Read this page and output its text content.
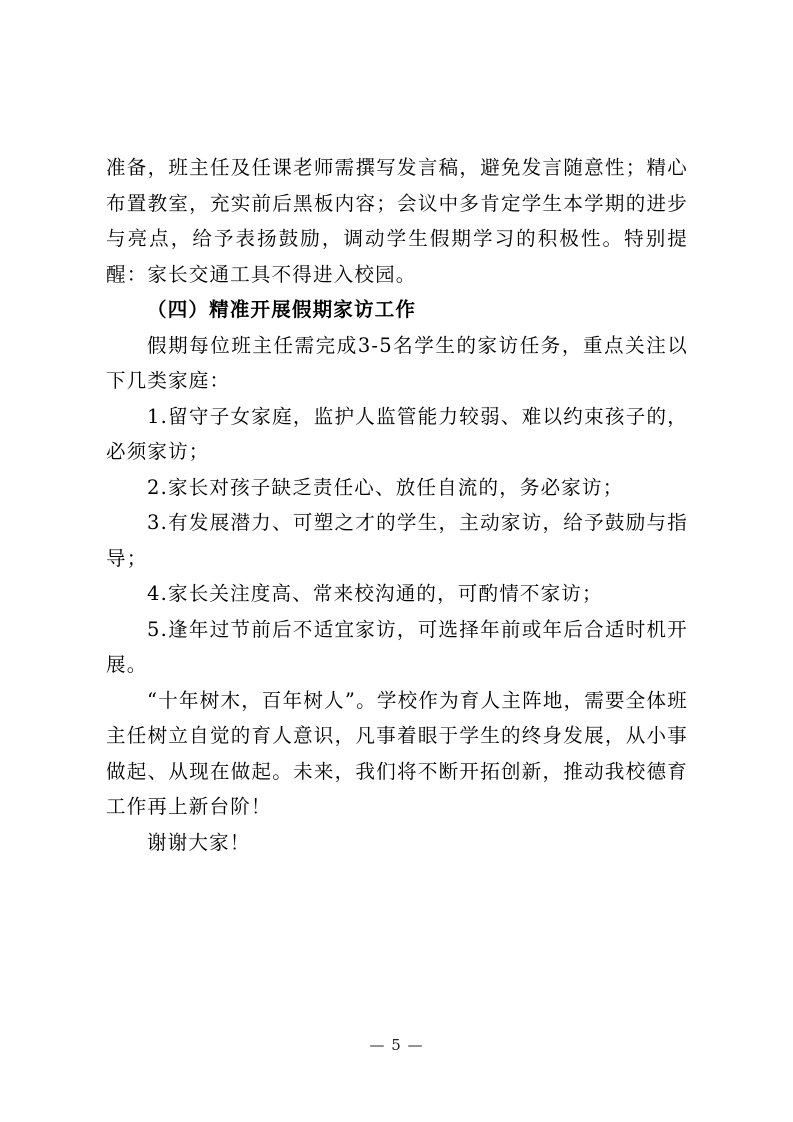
准备，班主任及任课老师需撰写发言稿，避免发言随意性；精心布置教室，充实前后黑板内容；会议中多肯定学生本学期的进步与亮点，给予表扬鼓励，调动学生假期学习的积极性。特别提醒：家长交通工具不得进入校园。

（四）精准开展假期家访工作

假期每位班主任需完成3-5名学生的家访任务，重点关注以下几类家庭：

1.留守子女家庭，监护人监管能力较弱、难以约束孩子的，必须家访；

2.家长对孩子缺乏责任心、放任自流的，务必家访；

3.有发展潜力、可塑之才的学生，主动家访，给予鼓励与指导；

4.家长关注度高、常来校沟通的，可酌情不家访；

5.逢年过节前后不适宜家访，可选择年前或年后合适时机开展。

“十年树木，百年树人”。学校作为育人主阵地，需要全体班主任树立自觉的育人意识，凡事着眼于学生的终身发展，从小事做起、从现在做起。未来，我们将不断开拓创新，推动我校德育工作再上新台阶！

谢谢大家！

— 5 —
